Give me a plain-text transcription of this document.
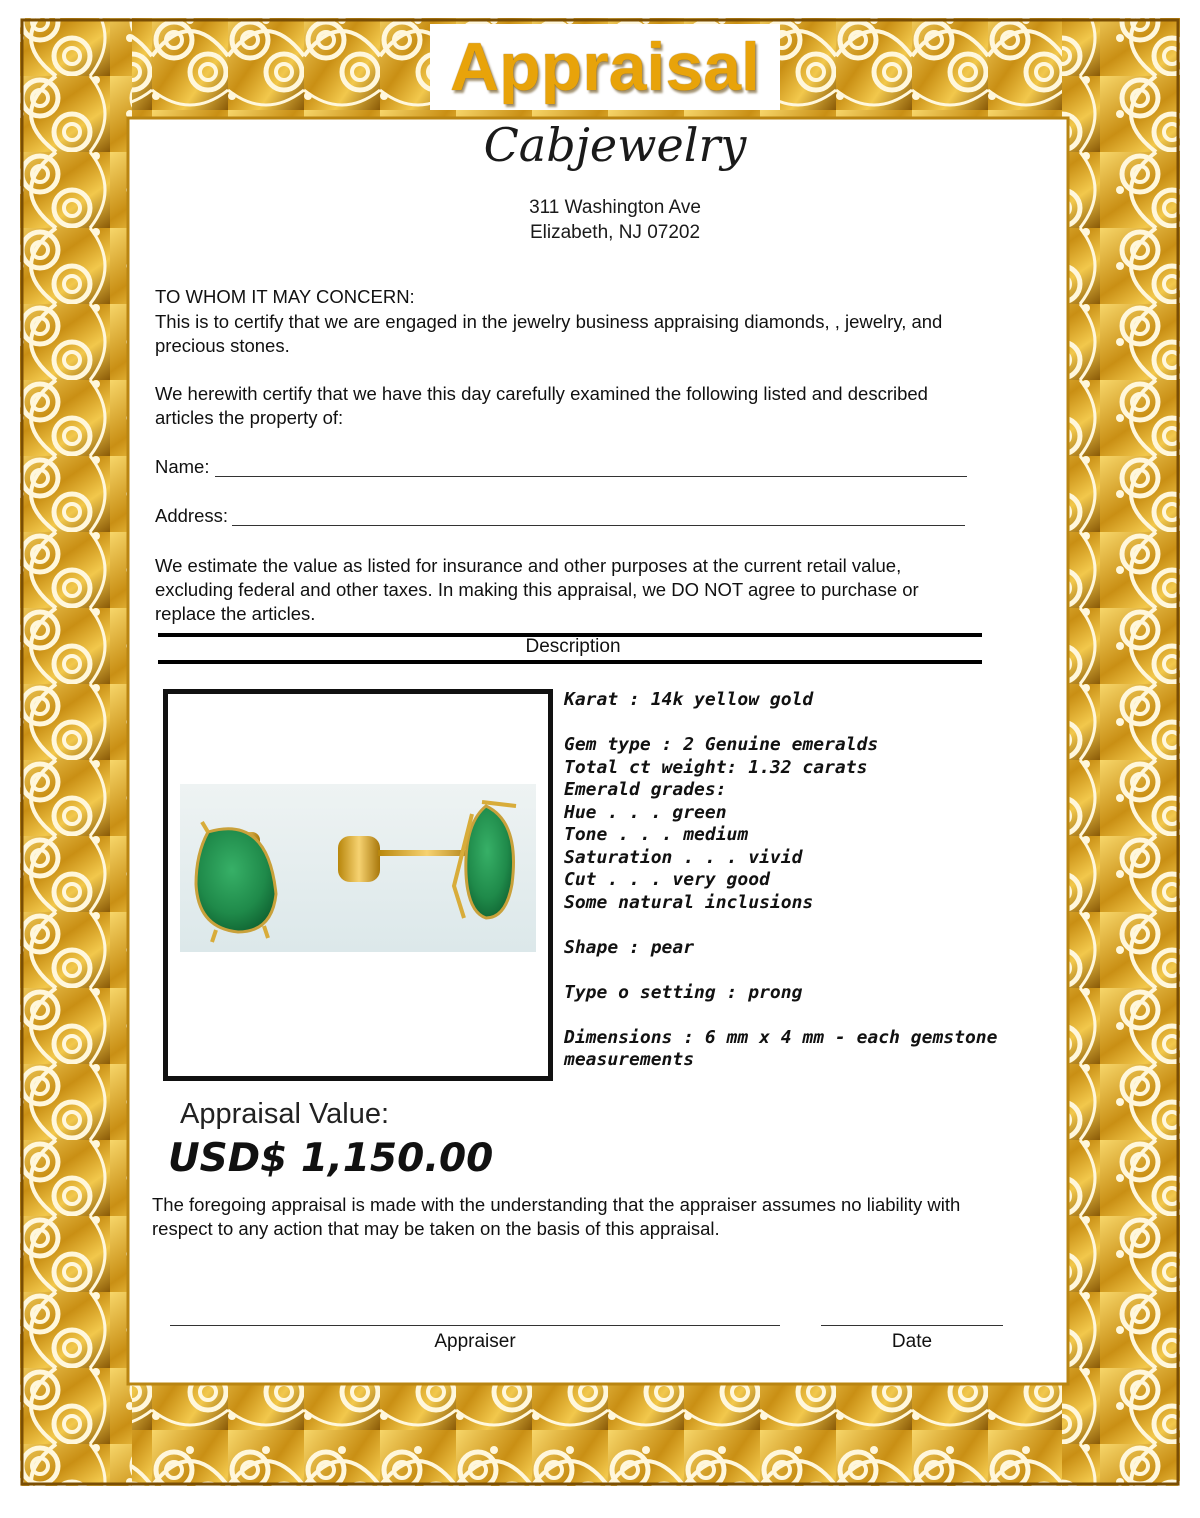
Appraisal
Cabjewelry
311 Washington Ave
Elizabeth, NJ 07202
TO WHOM IT MAY CONCERN:
This is to certify that we are engaged in the jewelry business appraising diamonds, , jewelry, and precious stones.
We herewith certify that we have this day carefully examined the following listed and described articles the property of:
Name:
Address:
We estimate the value as listed for insurance and other purposes at the current retail value, excluding federal and other taxes. In making this appraisal, we DO NOT agree to purchase or replace the articles.
Description
Karat : 14k yellow gold
Gem type : 2 Genuine emeralds
Total ct weight: 1.32 carats
Emerald grades:
Hue . . . green
Tone . . . medium
Saturation . . . vivid
Cut . . . very good
Some natural inclusions
Shape : pear
Type o setting : prong
Dimensions : 6 mm x 4 mm - each gemstone
measurements
Appraisal Value:
USD$ 1,150.00
The foregoing appraisal is made with the understanding that the appraiser assumes no liability with respect to any action that may be taken on the basis of this appraisal.
Appraiser	Date
